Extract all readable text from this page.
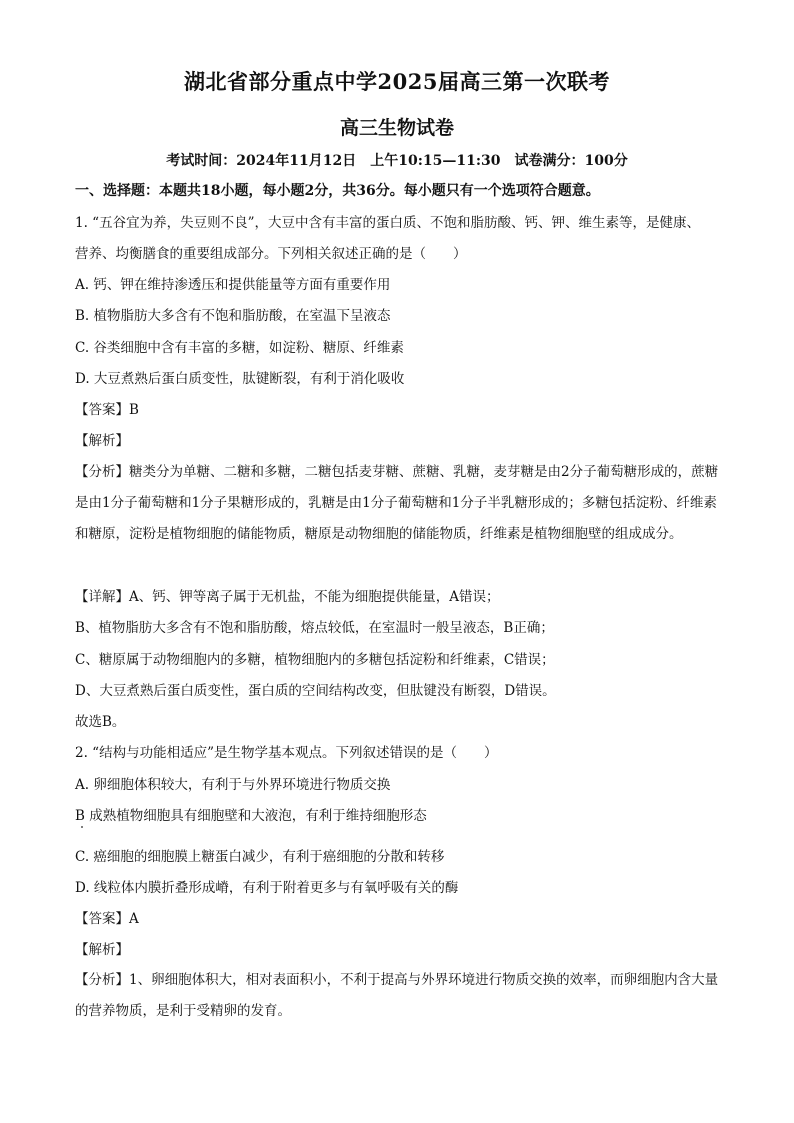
湖北省部分重点中学2025届高三第一次联考
高三生物试卷
考试时间：2024年11月12日　上午10:15—11:30　试卷满分：100分
一、选择题：本题共18小题，每小题2分，共36分。每小题只有一个选项符合题意。
1. “五谷宜为养，失豆则不良”，大豆中含有丰富的蛋白质、不饱和脂肪酸、钙、钾、维生素等，是健康、
营养、均衡膳食的重要组成部分。下列相关叙述正确的是（　　）
A. 钙、钾在维持渗透压和提供能量等方面有重要作用
B. 植物脂肪大多含有不饱和脂肪酸，在室温下呈液态
C. 谷类细胞中含有丰富的多糖，如淀粉、糖原、纤维素
D. 大豆煮熟后蛋白质变性，肽键断裂，有利于消化吸收
【答案】B
【解析】
【分析】糖类分为单糖、二糖和多糖，二糖包括麦芽糖、蔗糖、乳糖，麦芽糖是由2分子葡萄糖形成的，蔗糖是由1分子葡萄糖和1分子果糖形成的，乳糖是由1分子葡萄糖和1分子半乳糖形成的；多糖包括淀粉、纤维素和糖原，淀粉是植物细胞的储能物质，糖原是动物细胞的储能物质，纤维素是植物细胞壁的组成成分。
【详解】A、钙、钾等离子属于无机盐，不能为细胞提供能量，A错误；
B、植物脂肪大多含有不饱和脂肪酸，熔点较低，在室温时一般呈液态，B正确；
C、糖原属于动物细胞内的多糖，植物细胞内的多糖包括淀粉和纤维素，C错误；
D、大豆煮熟后蛋白质变性，蛋白质的空间结构改变，但肽键没有断裂，D错误。
故选B。
2. “结构与功能相适应”是生物学基本观点。下列叙述错误的是（　　）
A. 卵细胞体积较大，有利于与外界环境进行物质交换
B 成熟植物细胞具有细胞壁和大液泡，有利于维持细胞形态
C. 癌细胞的细胞膜上糖蛋白减少，有利于癌细胞的分散和转移
D. 线粒体内膜折叠形成嵴，有利于附着更多与有氧呼吸有关的酶
【答案】A
【解析】
【分析】1、卵细胞体积大，相对表面积小，不利于提高与外界环境进行物质交换的效率，而卵细胞内含大量的营养物质，是利于受精卵的发育。
